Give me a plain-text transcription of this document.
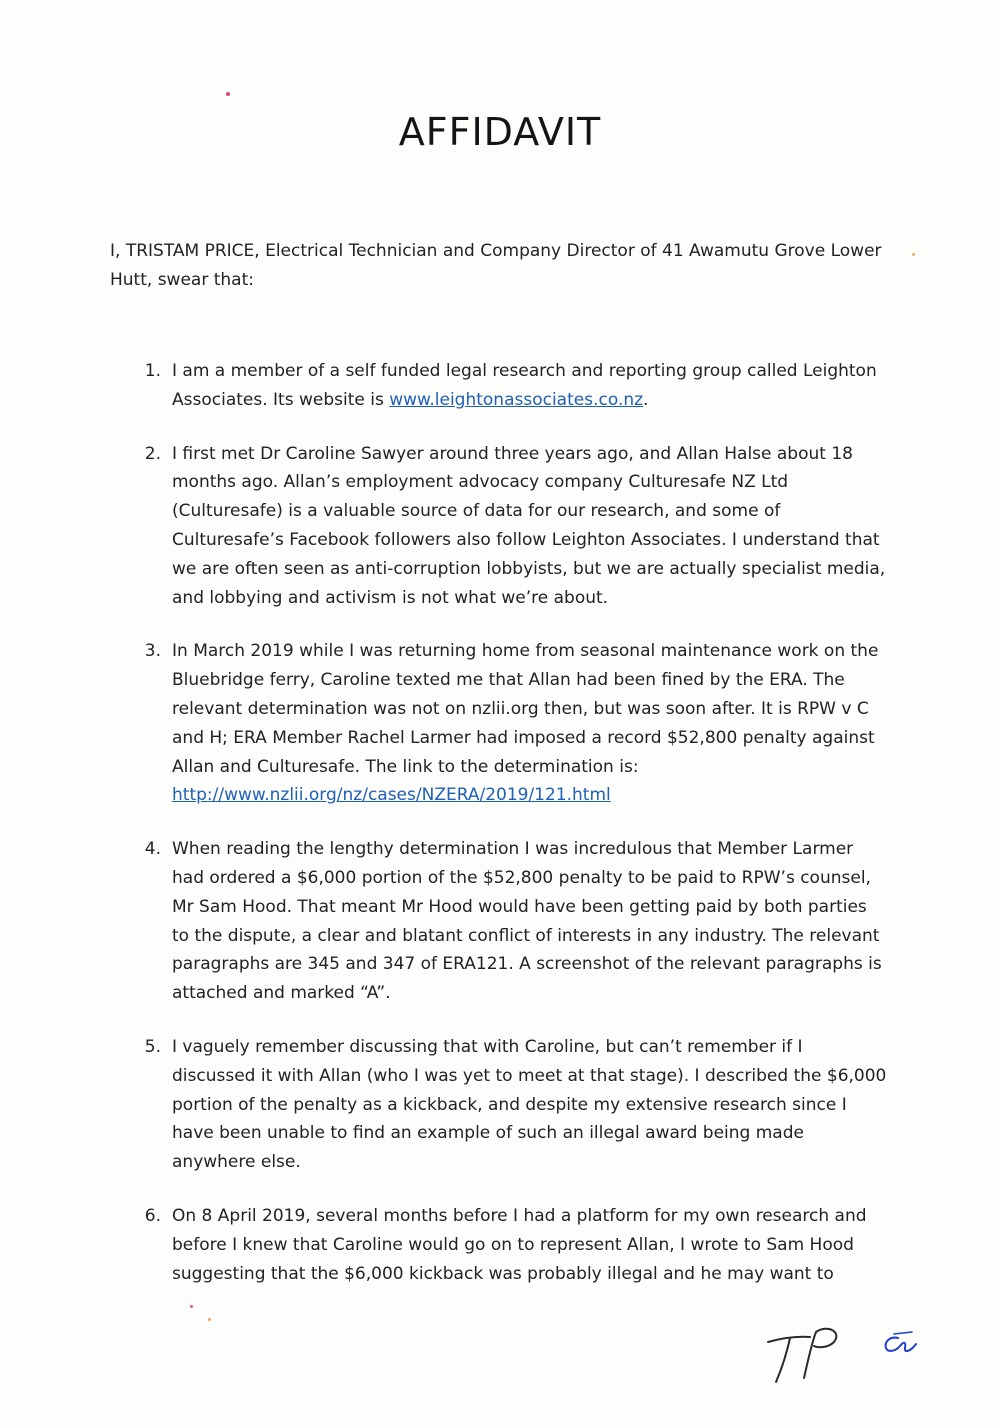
AFFIDAVIT
I, TRISTAM PRICE, Electrical Technician and Company Director of 41 Awamutu Grove Lower Hutt, swear that:
1. I am a member of a self funded legal research and reporting group called Leighton Associates. Its website is www.leightonassociates.co.nz.
2. I first met Dr Caroline Sawyer around three years ago, and Allan Halse about 18 months ago. Allan’s employment advocacy company Culturesafe NZ Ltd (Culturesafe) is a valuable source of data for our research, and some of Culturesafe’s Facebook followers also follow Leighton Associates. I understand that we are often seen as anti-corruption lobbyists, but we are actually specialist media, and lobbying and activism is not what we’re about.
3. In March 2019 while I was returning home from seasonal maintenance work on the Bluebridge ferry, Caroline texted me that Allan had been fined by the ERA. The relevant determination was not on nzlii.org then, but was soon after. It is RPW v C and H; ERA Member Rachel Larmer had imposed a record $52,800 penalty against Allan and Culturesafe. The link to the determination is: http://www.nzlii.org/nz/cases/NZERA/2019/121.html
4. When reading the lengthy determination I was incredulous that Member Larmer had ordered a $6,000 portion of the $52,800 penalty to be paid to RPW’s counsel, Mr Sam Hood. That meant Mr Hood would have been getting paid by both parties to the dispute, a clear and blatant conflict of interests in any industry. The relevant paragraphs are 345 and 347 of ERA121. A screenshot of the relevant paragraphs is attached and marked “A”.
5. I vaguely remember discussing that with Caroline, but can’t remember if I discussed it with Allan (who I was yet to meet at that stage). I described the $6,000 portion of the penalty as a kickback, and despite my extensive research since I have been unable to find an example of such an illegal award being made anywhere else.
6. On 8 April 2019, several months before I had a platform for my own research and before I knew that Caroline would go on to represent Allan, I wrote to Sam Hood suggesting that the $6,000 kickback was probably illegal and he may want to
